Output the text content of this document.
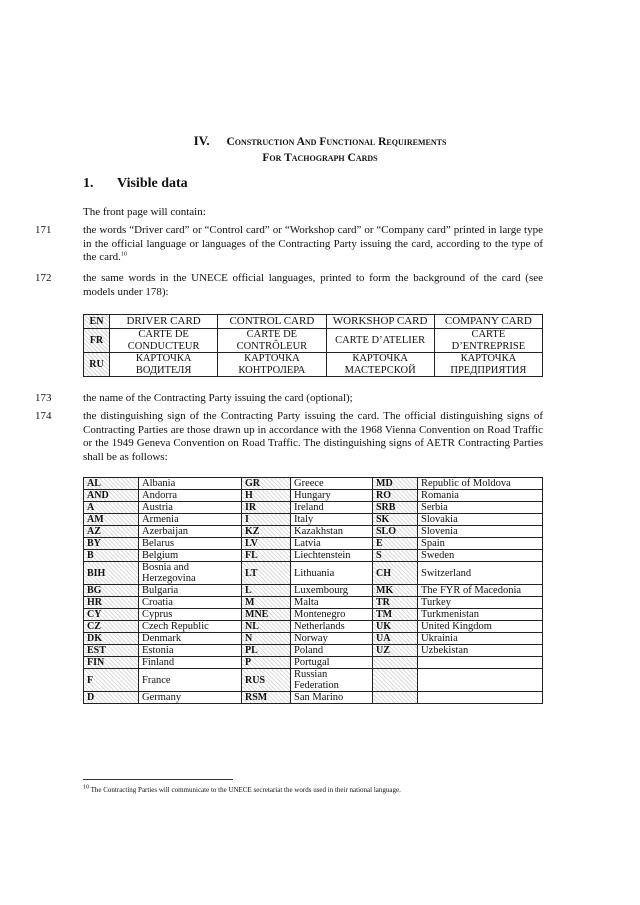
IV. Construction And Functional Requirements
For Tachograph Cards
1. Visible data
The front page will contain:
171	the words “Driver card” or “Control card” or “Workshop card” or “Company card” printed in large type in the official language or languages of the Contracting Party issuing the card, according to the type of the card.$^{10}$
172	the same words in the UNECE official languages, printed to form the background of the card (see models under 178):
EN	DRIVER CARD	CONTROL CARD	WORKSHOP CARD	COMPANY CARD
FR	CARTE DE CONDUCTEUR	CARTE DE CONTRÔLEUR	CARTE D’ATELIER	CARTE D’ENTREPRISE
RU	КАРТОЧКА ВОДИТЕЛЯ	КАРТОЧКА КОНТРОЛЕРА	КАРТОЧКА МАСТЕРСКОЙ	КАРТОЧКА ПРЕДПРИЯТИЯ
173	the name of the Contracting Party issuing the card (optional);
174	the distinguishing sign of the Contracting Party issuing the card. The official distinguishing signs of Contracting Parties are those drawn up in accordance with the 1968 Vienna Convention on Road Traffic or the 1949 Geneva Convention on Road Traffic. The distinguishing signs of AETR Contracting Parties shall be as follows:
AL	Albania	GR	Greece	MD	Republic of Moldova
AND	Andorra	H	Hungary	RO	Romania
A	Austria	IR	Ireland	SRB	Serbia
AM	Armenia	I	Italy	SK	Slovakia
AZ	Azerbaijan	KZ	Kazakhstan	SLO	Slovenia
BY	Belarus	LV	Latvia	E	Spain
B	Belgium	FL	Liechtenstein	S	Sweden
BIH	Bosnia and Herzegovina	LT	Lithuania	CH	Switzerland
BG	Bulgaria	L	Luxembourg	MK	The FYR of Macedonia
HR	Croatia	M	Malta	TR	Turkey
CY	Cyprus	MNE	Montenegro	TM	Turkmenistan
CZ	Czech Republic	NL	Netherlands	UK	United Kingdom
DK	Denmark	N	Norway	UA	Ukrainia
EST	Estonia	PL	Poland	UZ	Uzbekistan
FIN	Finland	P	Portugal		
F	France	RUS	Russian Federation		
D	Germany	RSM	San Marino		
$^{10}$ The Contracting Parties will communicate to the UNECE secretariat the words used in their national language.
